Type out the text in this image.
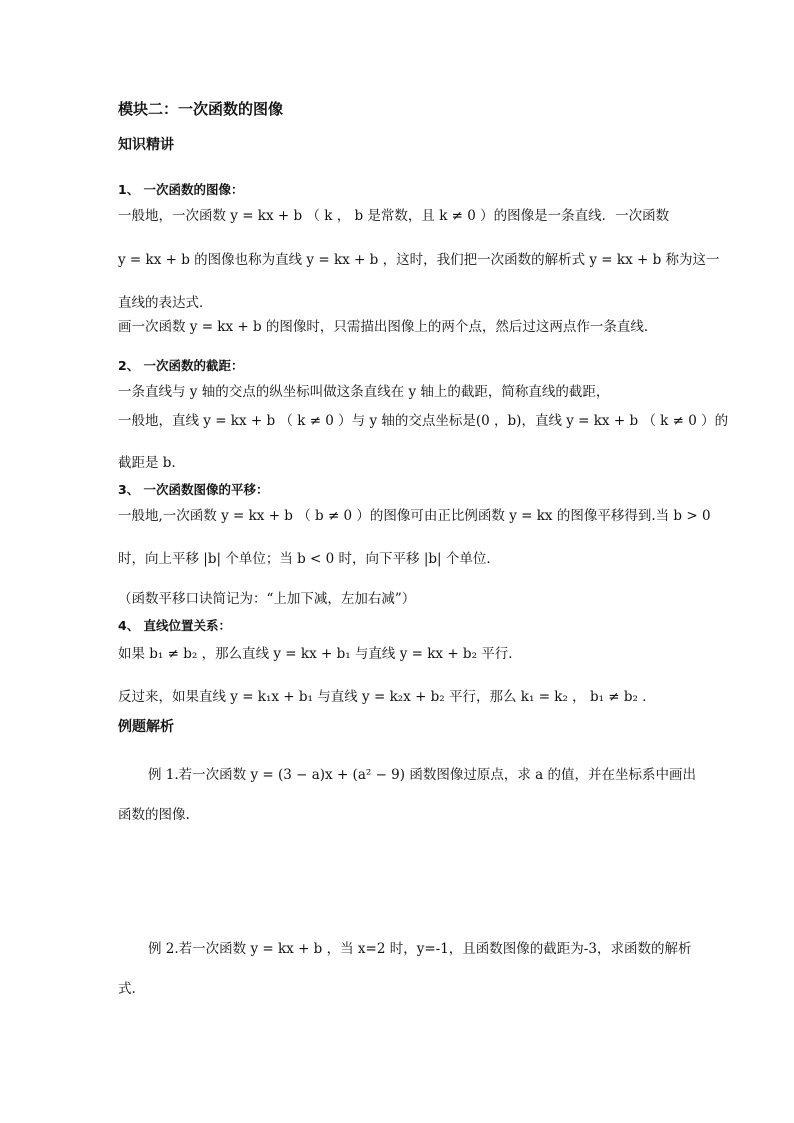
模块二：一次函数的图像
知识精讲
1、 一次函数的图像：
一般地，一次函数 y = kx + b （ k ， b 是常数，且 k ≠ 0 ）的图像是一条直线．一次函数
y = kx + b 的图像也称为直线 y = kx + b ，这时，我们把一次函数的解析式 y = kx + b 称为这一
直线的表达式．
画一次函数 y = kx + b 的图像时，只需描出图像上的两个点，然后过这两点作一条直线．
2、 一次函数的截距：
一条直线与 y 轴的交点的纵坐标叫做这条直线在 y 轴上的截距，简称直线的截距，
一般地，直线 y = kx + b （ k ≠ 0 ）与 y 轴的交点坐标是(0 ，b)，直线 y = kx + b （ k ≠ 0 ）的
截距是 b.
3、 一次函数图像的平移：
一般地,一次函数 y = kx + b （ b ≠ 0 ）的图像可由正比例函数 y = kx 的图像平移得到.当 b > 0
时，向上平移 |b| 个单位；当 b < 0 时，向下平移 |b| 个单位．
（函数平移口诀简记为：“上加下减，左加右减”）
4、 直线位置关系：
如果 b₁ ≠ b₂ ，那么直线 y = kx + b₁ 与直线 y = kx + b₂ 平行．
反过来，如果直线 y = k₁x + b₁ 与直线 y = k₂x + b₂ 平行，那么 k₁ = k₂ ， b₁ ≠ b₂ ．
例题解析
例 1.若一次函数 y = (3 − a)x + (a² − 9) 函数图像过原点，求 a 的值，并在坐标系中画出
函数的图像.
例 2.若一次函数 y = kx + b ，当 x=2 时，y=-1，且函数图像的截距为-3，求函数的解析
式.
